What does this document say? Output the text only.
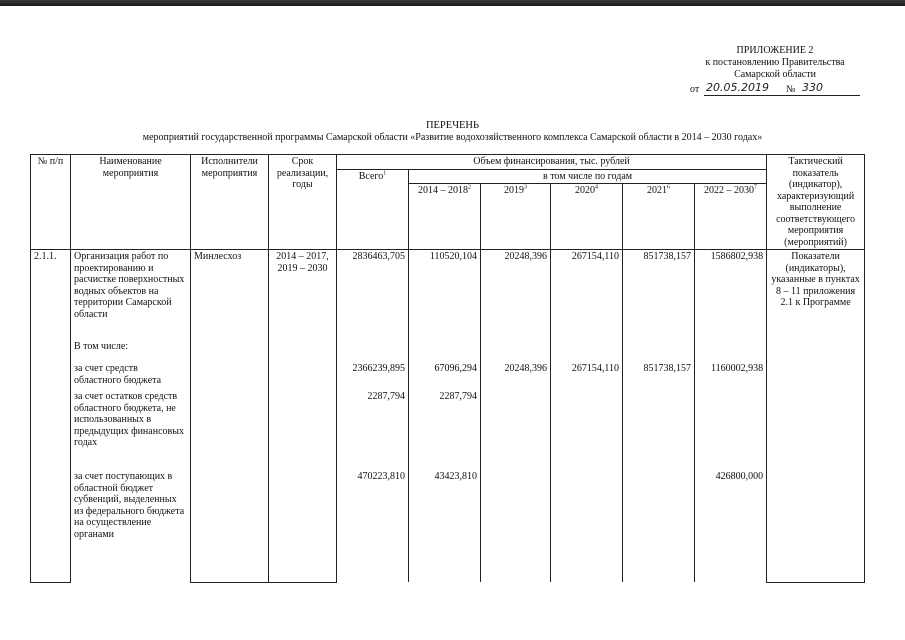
ПРИЛОЖЕНИЕ 2
к постановлению Правительства
Самарской области
от 20.05.2019 № 330
ПЕРЕЧЕНЬ
мероприятий государственной программы Самарской области «Развитие водохозяйственного комплекса Самарской области в 2014 – 2030 годах»
№ п/п	Наименование мероприятия	Исполнители мероприятия	Срок реализации, годы	Объем финансирования, тыс. рублей						Тактический показатель (индикатор), характеризующий выполнение соответствующего мероприятия (мероприятий)
				Всего$^1$	в том числе по годам					
					2014 – 2018$^2$	2019$^3$	2020$^4$	2021$^6$	2022 – 2030$^7$
2.1.1.	Организация работ по проектированию и расчистке поверхностных водных объектов на территории Самарской области	Минлесхоз	2014 – 2017, 2019 – 2030	2836463,705	110520,104	20248,396	267154,110	851738,157	1586802,938	Показатели (индикаторы), указанные в пунктах 8 – 11 приложения 2.1 к Программе
	В том числе:									
	за счет средств областного бюджета			2366239,895	67096,294	20248,396	267154,110	851738,157	1160002,938	
	за счет остатков средств областного бюджета, не использованных в предыдущих финансовых годах			2287,794	2287,794					
	за счет поступающих в областной бюджет субвенций, выделенных из федерального бюджета на осуществление органами			470223,810	43423,810				426800,000	
